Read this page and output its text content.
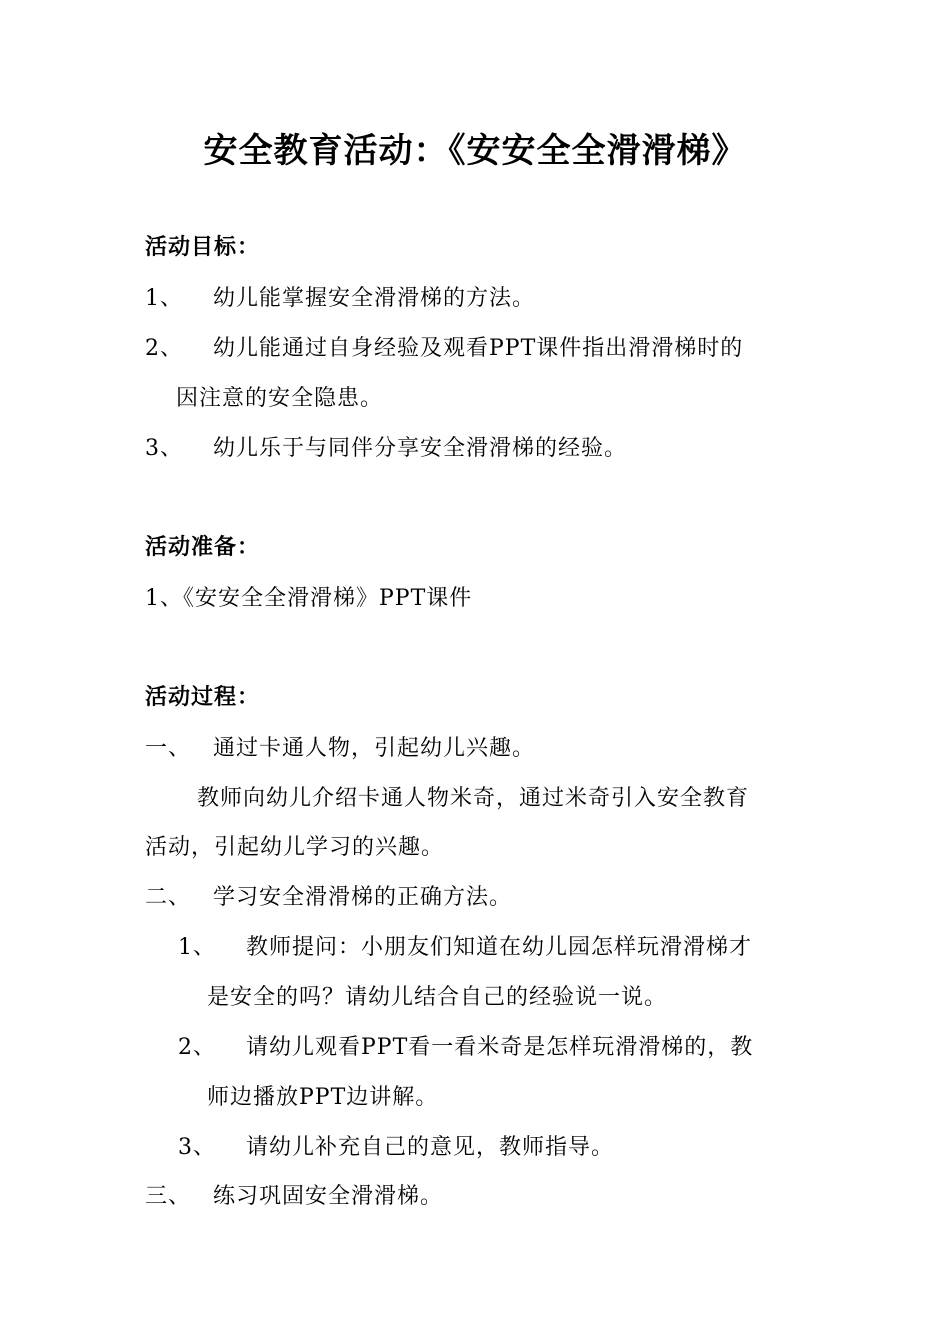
安全教育活动：《安安全全滑滑梯》
活动目标：
1、 幼儿能掌握安全滑滑梯的方法。
2、 幼儿能通过自身经验及观看PPT课件指出滑滑梯时的
因注意的安全隐患。
3、 幼儿乐于与同伴分享安全滑滑梯的经验。
活动准备：
1、《安安全全滑滑梯》PPT课件
活动过程：
一、 通过卡通人物，引起幼儿兴趣。
教师向幼儿介绍卡通人物米奇，通过米奇引入安全教育
活动，引起幼儿学习的兴趣。
二、 学习安全滑滑梯的正确方法。
1、 教师提问：小朋友们知道在幼儿园怎样玩滑滑梯才
是安全的吗？请幼儿结合自己的经验说一说。
2、 请幼儿观看PPT看一看米奇是怎样玩滑滑梯的，教
师边播放PPT边讲解。
3、 请幼儿补充自己的意见，教师指导。
三、 练习巩固安全滑滑梯。
